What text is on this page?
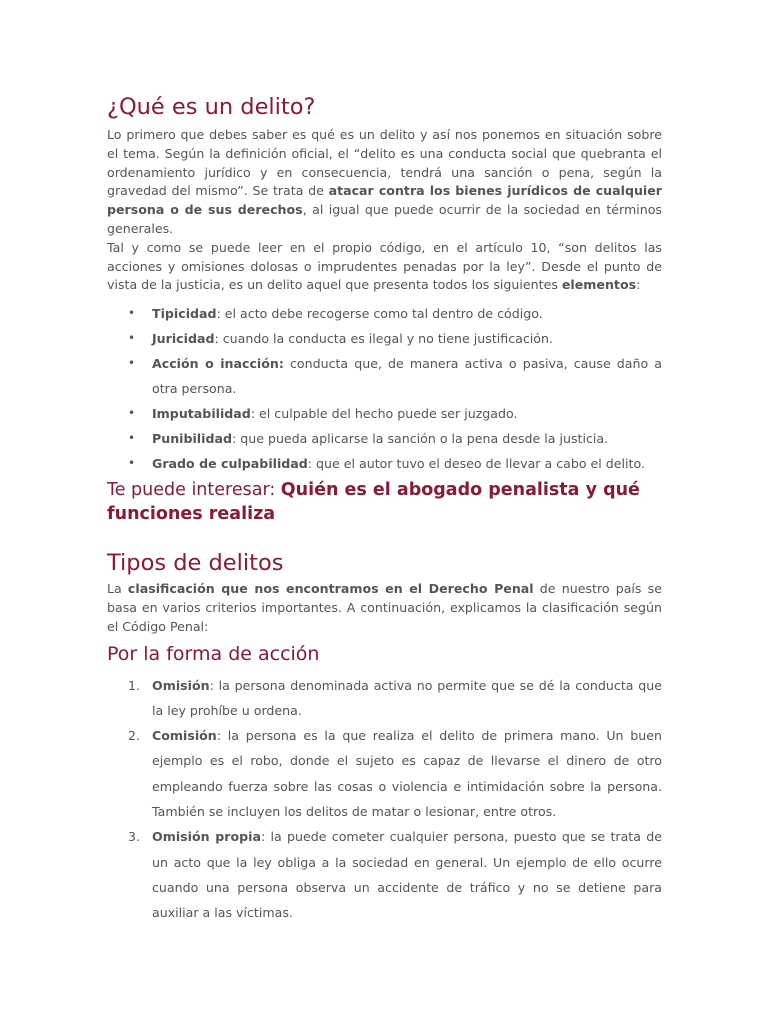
¿Qué es un delito?

Lo primero que debes saber es qué es un delito y así nos ponemos en situación sobre el tema. Según la definición oficial, el “delito es una conducta social que quebranta el ordenamiento jurídico y en consecuencia, tendrá una sanción o pena, según la gravedad del mismo”. Se trata de atacar contra los bienes jurídicos de cualquier persona o de sus derechos, al igual que puede ocurrir de la sociedad en términos generales.

Tal y como se puede leer en el propio código, en el artículo 10, “son delitos las acciones y omisiones dolosas o imprudentes penadas por la ley”. Desde el punto de vista de la justicia, es un delito aquel que presenta todos los siguientes elementos:

• Tipicidad: el acto debe recogerse como tal dentro de código.
• Juricidad: cuando la conducta es ilegal y no tiene justificación.
• Acción o inacción: conducta que, de manera activa o pasiva, cause daño a otra persona.
• Imputabilidad: el culpable del hecho puede ser juzgado.
• Punibilidad: que pueda aplicarse la sanción o la pena desde la justicia.
• Grado de culpabilidad: que el autor tuvo el deseo de llevar a cabo el delito.
Te puede interesar: Quién es el abogado penalista y qué funciones realiza
Tipos de delitos

La clasificación que nos encontramos en el Derecho Penal de nuestro país se basa en varios criterios importantes. A continuación, explicamos la clasificación según el Código Penal:

Por la forma de acción
1. Omisión: la persona denominada activa no permite que se dé la conducta que la ley prohíbe u ordena.
2. Comisión: la persona es la que realiza el delito de primera mano. Un buen ejemplo es el robo, donde el sujeto es capaz de llevarse el dinero de otro empleando fuerza sobre las cosas o violencia e intimidación sobre la persona. También se incluyen los delitos de matar o lesionar, entre otros.
3. Omisión propia: la puede cometer cualquier persona, puesto que se trata de un acto que la ley obliga a la sociedad en general. Un ejemplo de ello ocurre cuando una persona observa un accidente de tráfico y no se detiene para auxiliar a las víctimas.
